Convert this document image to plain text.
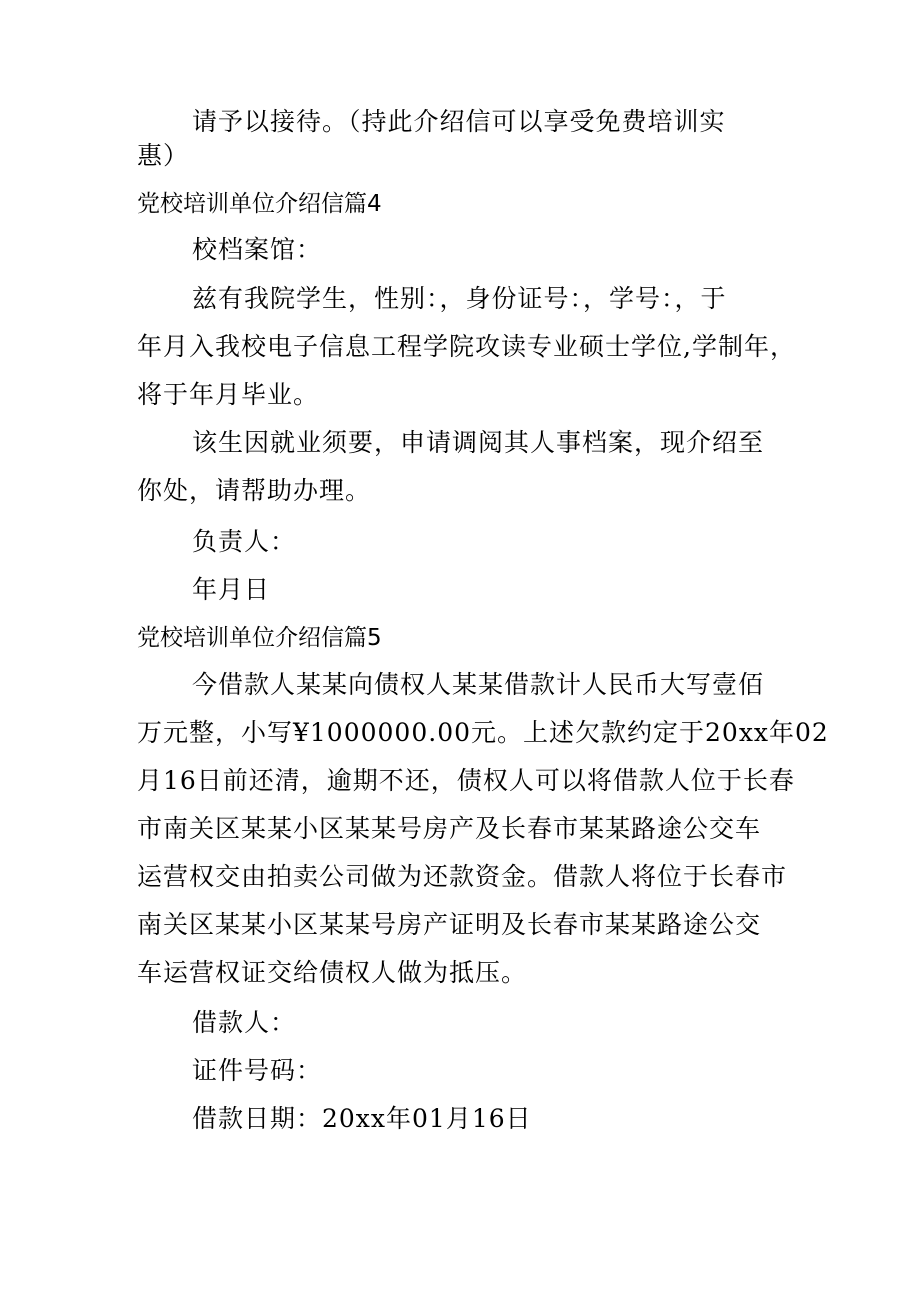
请予以接待。（持此介绍信可以享受免费培训实
惠）
党校培训单位介绍信篇4
校档案馆：
兹有我院学生，性别：，身份证号：，学号：，于
年月入我校电子信息工程学院攻读专业硕士学位,学制年，
将于年月毕业。
该生因就业须要，申请调阅其人事档案，现介绍至
你处，请帮助办理。
负责人：
年月日
党校培训单位介绍信篇5
今借款人某某向债权人某某借款计人民币大写壹佰
万元整，小写¥1000000.00元。上述欠款约定于20xx年02
月16日前还清，逾期不还，债权人可以将借款人位于长春
市南关区某某小区某某号房产及长春市某某路途公交车
运营权交由拍卖公司做为还款资金。借款人将位于长春市
南关区某某小区某某号房产证明及长春市某某路途公交
车运营权证交给债权人做为抵压。
借款人：
证件号码：
借款日期：20xx年01月16日
